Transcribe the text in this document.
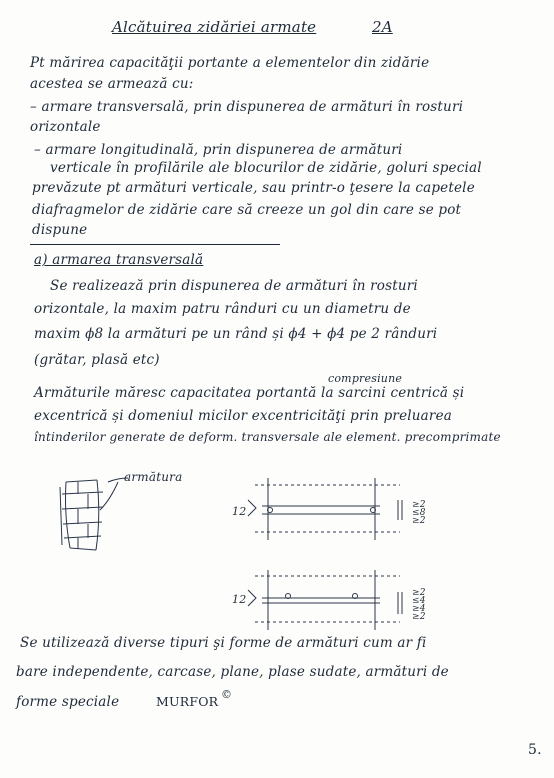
Alcătuirea zidăriei armate	2A
Pt mărirea capacităţii portante a elementelor din zidărie
acestea se armează cu:
– armare transversală, prin dispunerea de armături în rosturi
orizontale
– armare longitudinală, prin dispunerea de armături
verticale în profilările ale blocurilor de zidărie, goluri special
prevăzute pt armături verticale, sau printr-o ţesere la capetele
diafragmelor de zidărie care să creeze un gol din care se pot
dispune
a) armarea transversală
Se realizează prin dispunerea de armături în rosturi
orizontale, la maxim patru rânduri cu un diametru de
maxim ϕ8 la armături pe un rând și ϕ4 + ϕ4 pe 2 rânduri
(grătar, plasă etc)
compresiune
Armăturile măresc capacitatea portantă la sarcini centrică și
excentrică și domeniul micilor excentricităţi prin preluarea
întinderilor generate de deform. transversale ale element. precomprimate
armătura
12
12
≥2
≤8
≥2
≥2
≤4
≥4
≥2
Se utilizează diverse tipuri şi forme de armături cum ar fi
bare independente, carcase, plane, plase sudate, armături de
forme speciale	MURFOR ©
5.
